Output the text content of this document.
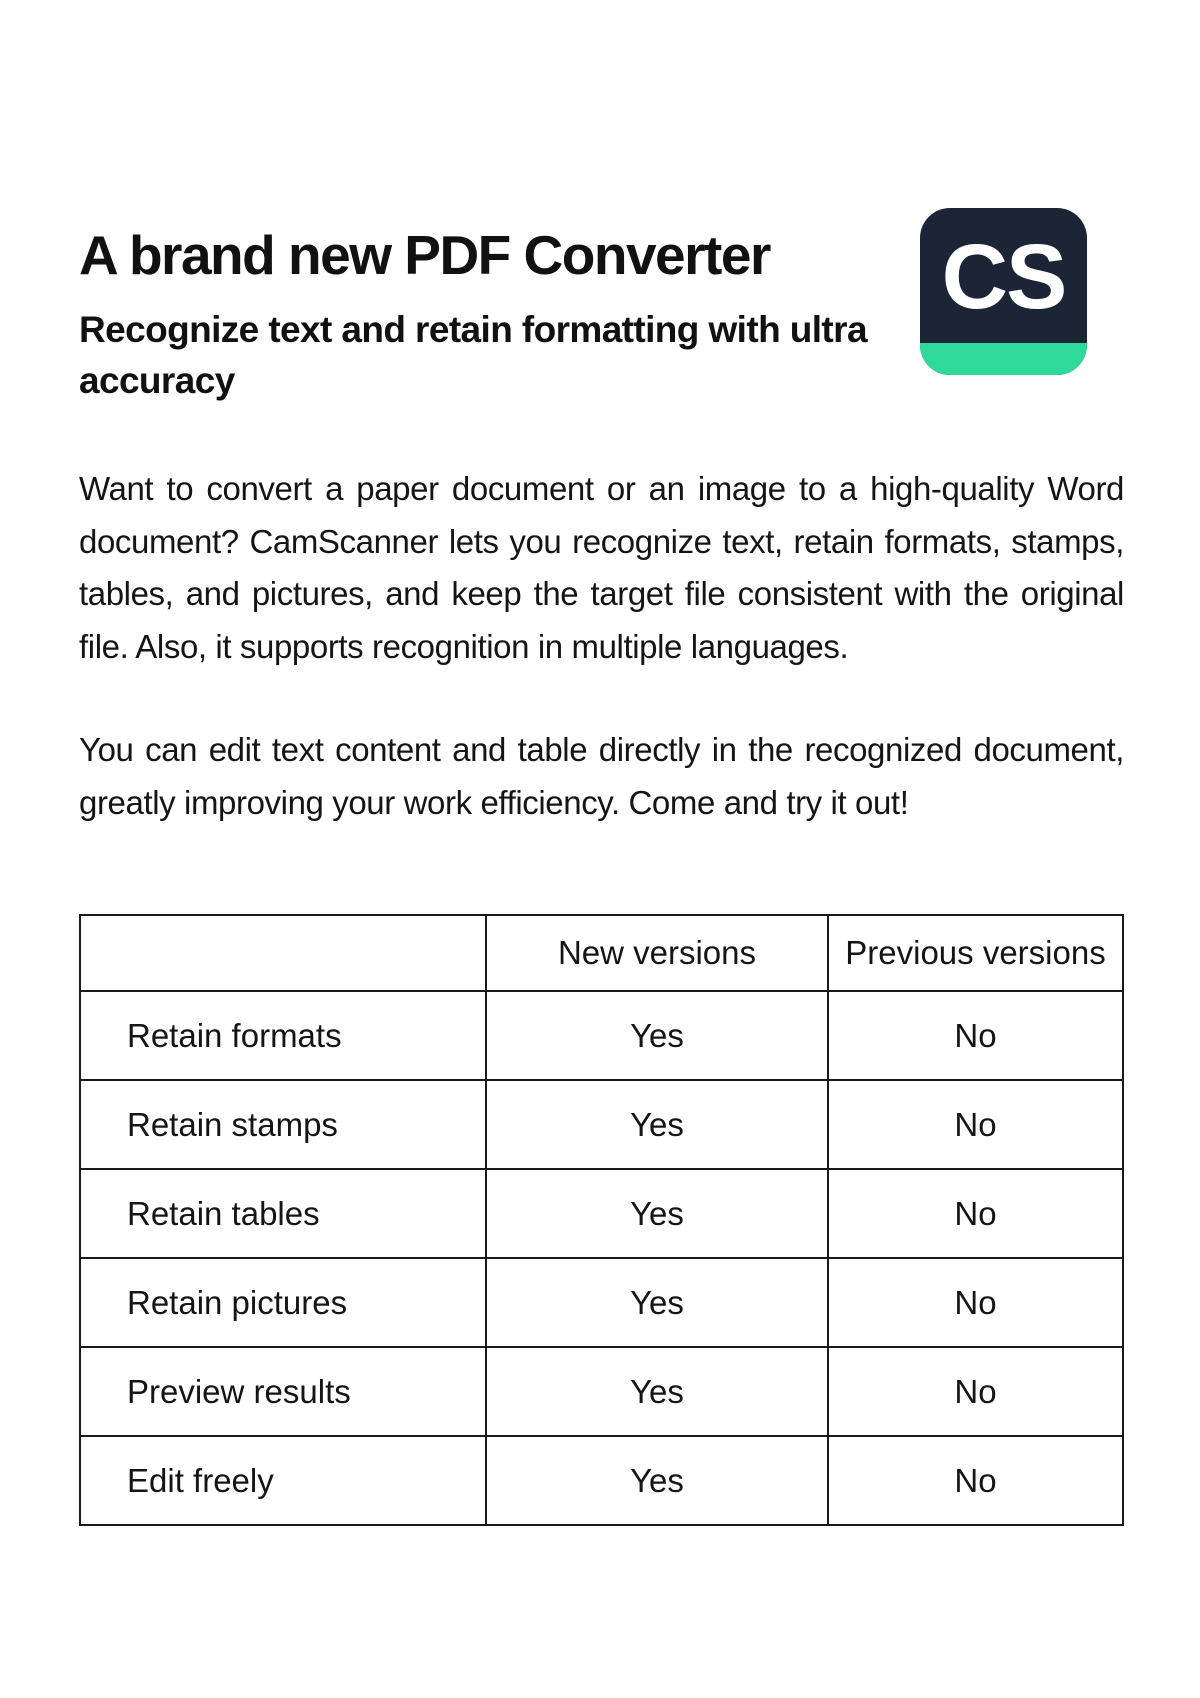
A brand new PDF Converter
Recognize text and retain formatting with ultra accuracy
CS

Want to convert a paper document or an image to a high-quality Word document? CamScanner lets you recognize text, retain formats, stamps, tables, and pictures, and keep the target file consistent with the original file. Also, it supports recognition in multiple languages.

You can edit text content and table directly in the recognized document, greatly improving your work efficiency. Come and try it out!

	New versions	Previous versions
Retain formats	Yes	No
Retain stamps	Yes	No
Retain tables	Yes	No
Retain pictures	Yes	No
Preview results	Yes	No
Edit freely	Yes	No
